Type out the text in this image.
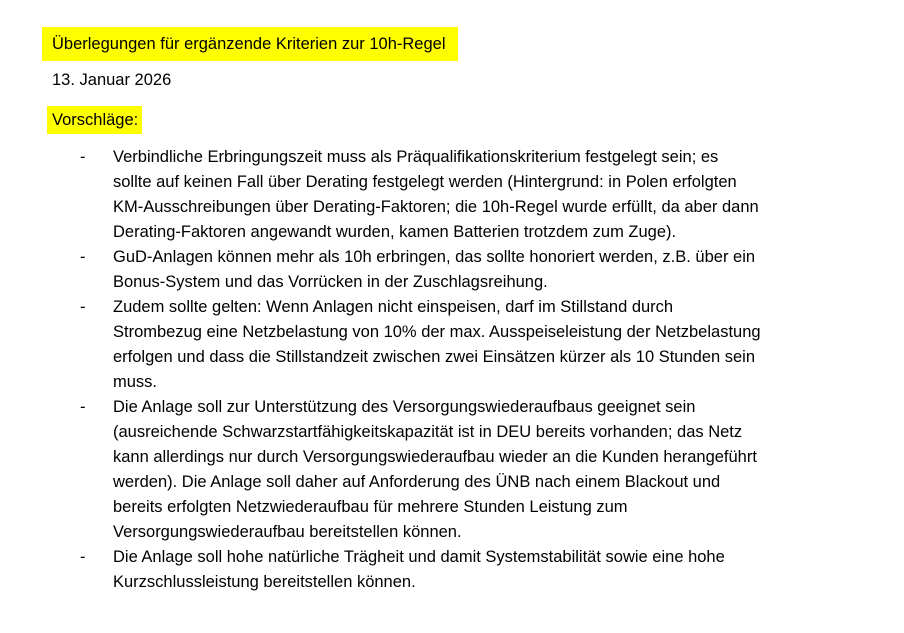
Überlegungen für ergänzende Kriterien zur 10h-Regel
13. Januar 2026
Vorschläge:
- Verbindliche Erbringungszeit muss als Präqualifikationskriterium festgelegt sein; es
sollte auf keinen Fall über Derating festgelegt werden (Hintergrund: in Polen erfolgten
KM-Ausschreibungen über Derating-Faktoren; die 10h-Regel wurde erfüllt, da aber dann
Derating-Faktoren angewandt wurden, kamen Batterien trotzdem zum Zuge).
- GuD-Anlagen können mehr als 10h erbringen, das sollte honoriert werden, z.B. über ein
Bonus-System und das Vorrücken in der Zuschlagsreihung.
- Zudem sollte gelten: Wenn Anlagen nicht einspeisen, darf im Stillstand durch
Strombezug eine Netzbelastung von 10% der max. Ausspeiseleistung der Netzbelastung
erfolgen und dass die Stillstandzeit zwischen zwei Einsätzen kürzer als 10 Stunden sein
muss.
- Die Anlage soll zur Unterstützung des Versorgungswiederaufbaus geeignet sein
(ausreichende Schwarzstartfähigkeitskapazität ist in DEU bereits vorhanden; das Netz
kann allerdings nur durch Versorgungswiederaufbau wieder an die Kunden herangeführt
werden). Die Anlage soll daher auf Anforderung des ÜNB nach einem Blackout und
bereits erfolgten Netzwiederaufbau für mehrere Stunden Leistung zum
Versorgungswiederaufbau bereitstellen können.
- Die Anlage soll hohe natürliche Trägheit und damit Systemstabilität sowie eine hohe
Kurzschlussleistung bereitstellen können.
